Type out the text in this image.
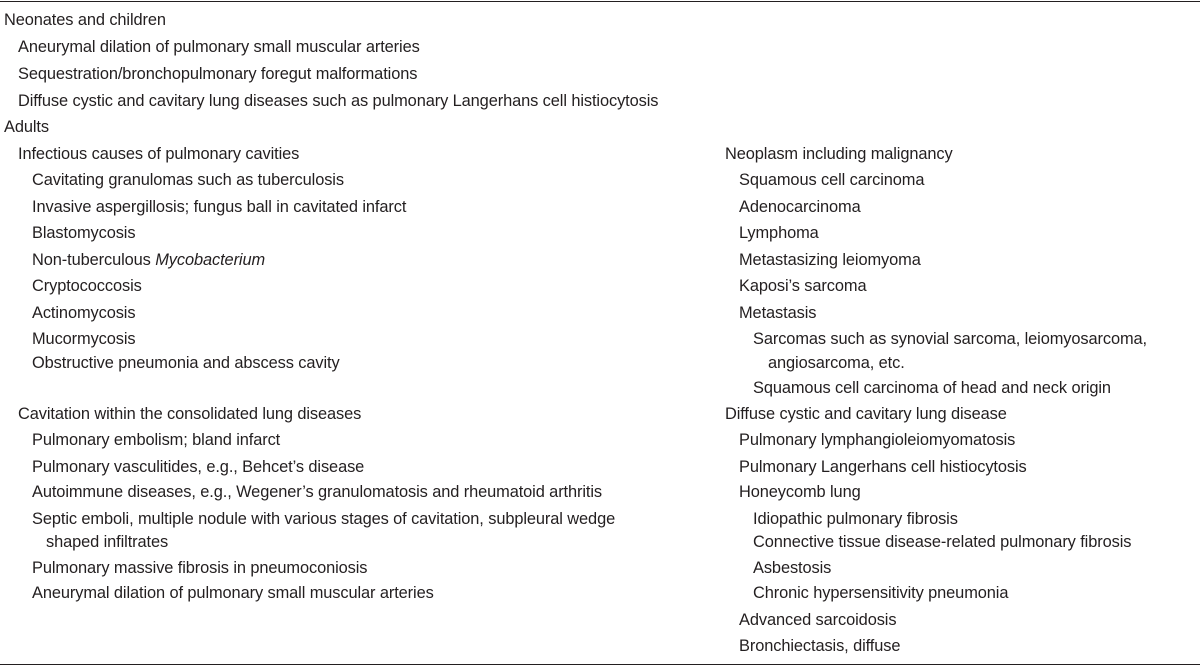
Neonates and children
Aneurymal dilation of pulmonary small muscular arteries
Sequestration/bronchopulmonary foregut malformations
Diffuse cystic and cavitary lung diseases such as pulmonary Langerhans cell histiocytosis
Adults
Infectious causes of pulmonary cavities
Cavitating granulomas such as tuberculosis
Invasive aspergillosis; fungus ball in cavitated infarct
Blastomycosis
Non-tuberculous Mycobacterium
Cryptococcosis
Actinomycosis
Mucormycosis
Obstructive pneumonia and abscess cavity
Cavitation within the consolidated lung diseases
Pulmonary embolism; bland infarct
Pulmonary vasculitides, e.g., Behcet’s disease
Autoimmune diseases, e.g., Wegener’s granulomatosis and rheumatoid arthritis
Septic emboli, multiple nodule with various stages of cavitation, subpleural wedge
shaped infiltrates
Pulmonary massive fibrosis in pneumoconiosis
Aneurymal dilation of pulmonary small muscular arteries
Neoplasm including malignancy
Squamous cell carcinoma
Adenocarcinoma
Lymphoma
Metastasizing leiomyoma
Kaposi’s sarcoma
Metastasis
Sarcomas such as synovial sarcoma, leiomyosarcoma,
angiosarcoma, etc.
Squamous cell carcinoma of head and neck origin
Diffuse cystic and cavitary lung disease
Pulmonary lymphangioleiomyomatosis
Pulmonary Langerhans cell histiocytosis
Honeycomb lung
Idiopathic pulmonary fibrosis
Connective tissue disease-related pulmonary fibrosis
Asbestosis
Chronic hypersensitivity pneumonia
Advanced sarcoidosis
Bronchiectasis, diffuse
